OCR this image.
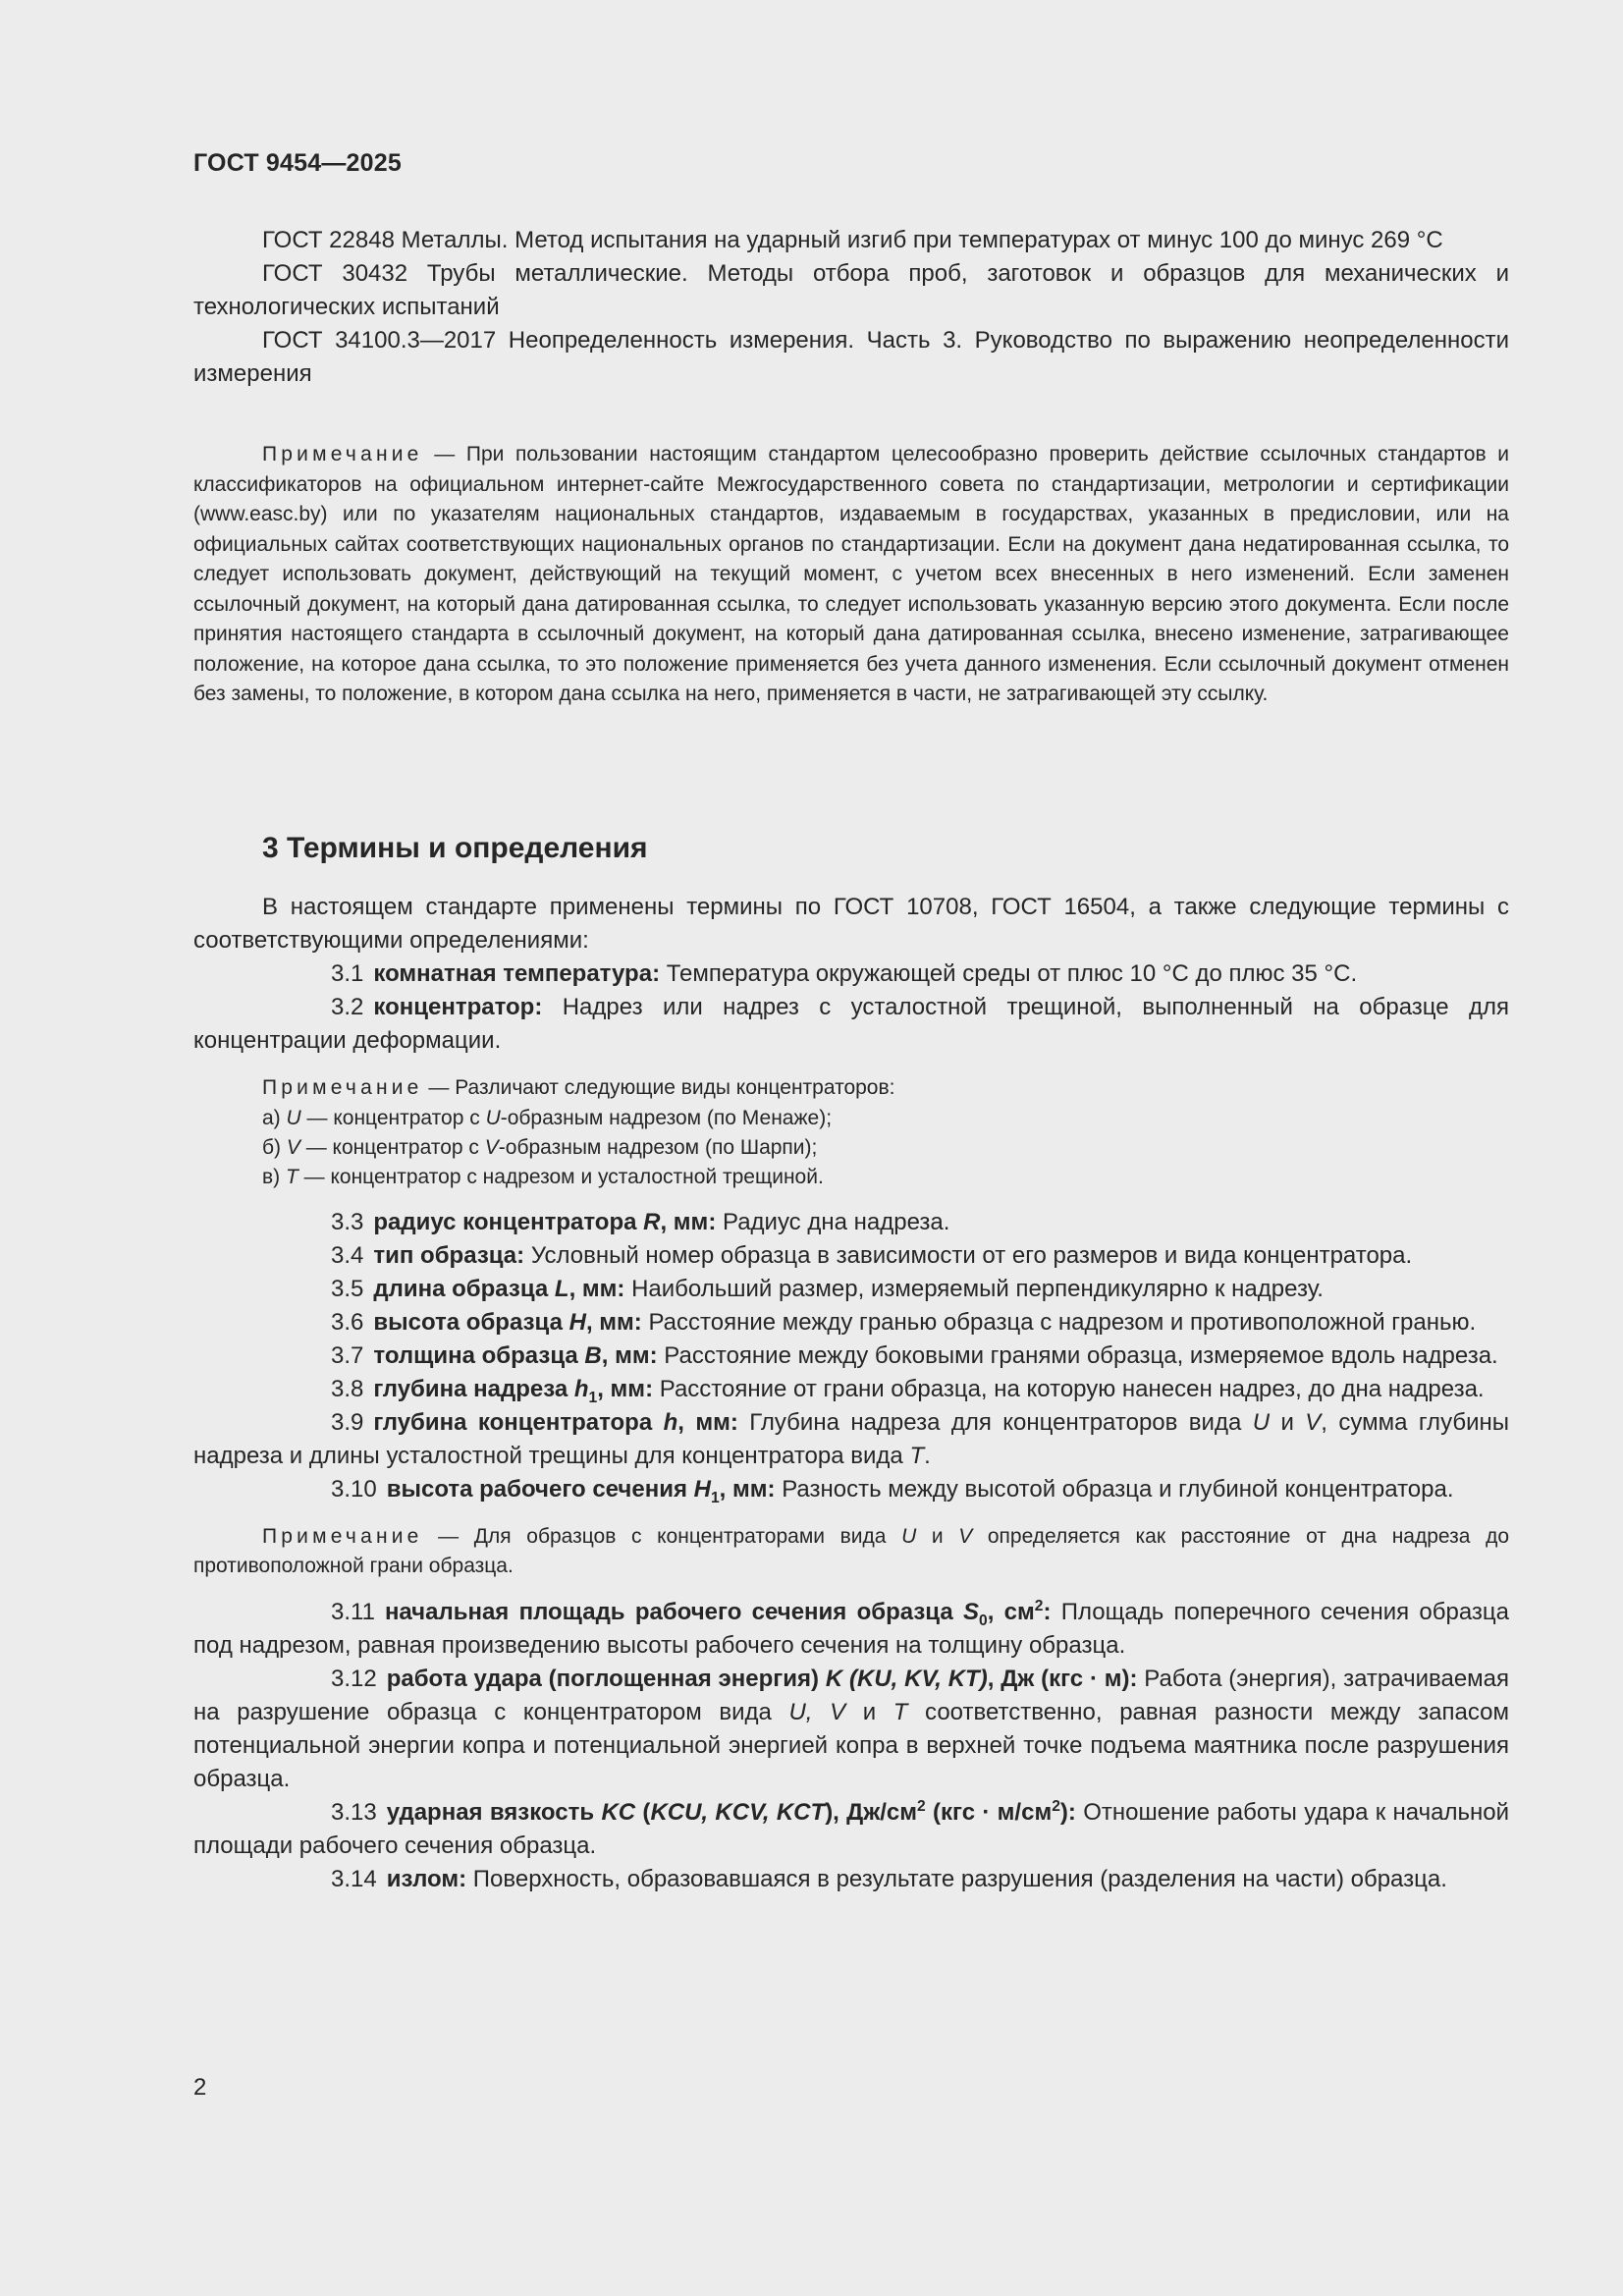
ГОСТ 9454—2025

ГОСТ 22848 Металлы. Метод испытания на ударный изгиб при температурах от минус 100 до минус 269 °С

ГОСТ 30432 Трубы металлические. Методы отбора проб, заготовок и образцов для механических и технологических испытаний

ГОСТ 34100.3—2017 Неопределенность измерения. Часть 3. Руководство по выражению неопределенности измерения

Примечание — При пользовании настоящим стандартом целесообразно проверить действие ссылочных стандартов и классификаторов на официальном интернет-сайте Межгосударственного совета по стандартизации, метрологии и сертификации (www.easc.by) или по указателям национальных стандартов, издаваемым в государствах, указанных в предисловии, или на официальных сайтах соответствующих национальных органов по стандартизации. Если на документ дана недатированная ссылка, то следует использовать документ, действующий на текущий момент, с учетом всех внесенных в него изменений. Если заменен ссылочный документ, на который дана датированная ссылка, то следует использовать указанную версию этого документа. Если после принятия настоящего стандарта в ссылочный документ, на который дана датированная ссылка, внесено изменение, затрагивающее положение, на которое дана ссылка, то это положение применяется без учета данного изменения. Если ссылочный документ отменен без замены, то положение, в котором дана ссылка на него, применяется в части, не затрагивающей эту ссылку.

3 Термины и определения

В настоящем стандарте применены термины по ГОСТ 10708, ГОСТ 16504, а также следующие термины с соответствующими определениями:

3.1 комнатная температура: Температура окружающей среды от плюс 10 °С до плюс 35 °С.

3.2 концентратор: Надрез или надрез с усталостной трещиной, выполненный на образце для концентрации деформации.

Примечание — Различают следующие виды концентраторов:

а) U — концентратор с U-образным надрезом (по Менаже);

б) V — концентратор с V-образным надрезом (по Шарпи);

в) T — концентратор с надрезом и усталостной трещиной.

3.3 радиус концентратора R, мм: Радиус дна надреза.

3.4 тип образца: Условный номер образца в зависимости от его размеров и вида концентратора.

3.5 длина образца L, мм: Наибольший размер, измеряемый перпендикулярно к надрезу.

3.6 высота образца H, мм: Расстояние между гранью образца с надрезом и противоположной гранью.

3.7 толщина образца B, мм: Расстояние между боковыми гранями образца, измеряемое вдоль надреза.

3.8 глубина надреза $h_1$, мм: Расстояние от грани образца, на которую нанесен надрез, до дна надреза.

3.9 глубина концентратора h, мм: Глубина надреза для концентраторов вида U и V, сумма глубины надреза и длины усталостной трещины для концентратора вида T.

3.10 высота рабочего сечения $H_1$, мм: Разность между высотой образца и глубиной концентратора.

Примечание — Для образцов с концентраторами вида U и V определяется как расстояние от дна надреза до противоположной грани образца.

3.11 начальная площадь рабочего сечения образца $S_0$, $см^2$: Площадь поперечного сечения образца под надрезом, равная произведению высоты рабочего сечения на толщину образца.

3.12 работа удара (поглощенная энергия) K (KU, KV, KT), Дж (кгс · м): Работа (энергия), затрачиваемая на разрушение образца с концентратором вида U, V и T соответственно, равная разности между запасом потенциальной энергии копра и потенциальной энергией копра в верхней точке подъема маятника после разрушения образца.

3.13 ударная вязкость KC (KCU, KCV, KCT), $Дж/см^2$ $(кгс \cdot м/см^2)$: Отношение работы удара к начальной площади рабочего сечения образца.

3.14 излом: Поверхность, образовавшаяся в результате разрушения (разделения на части) образца.

2
